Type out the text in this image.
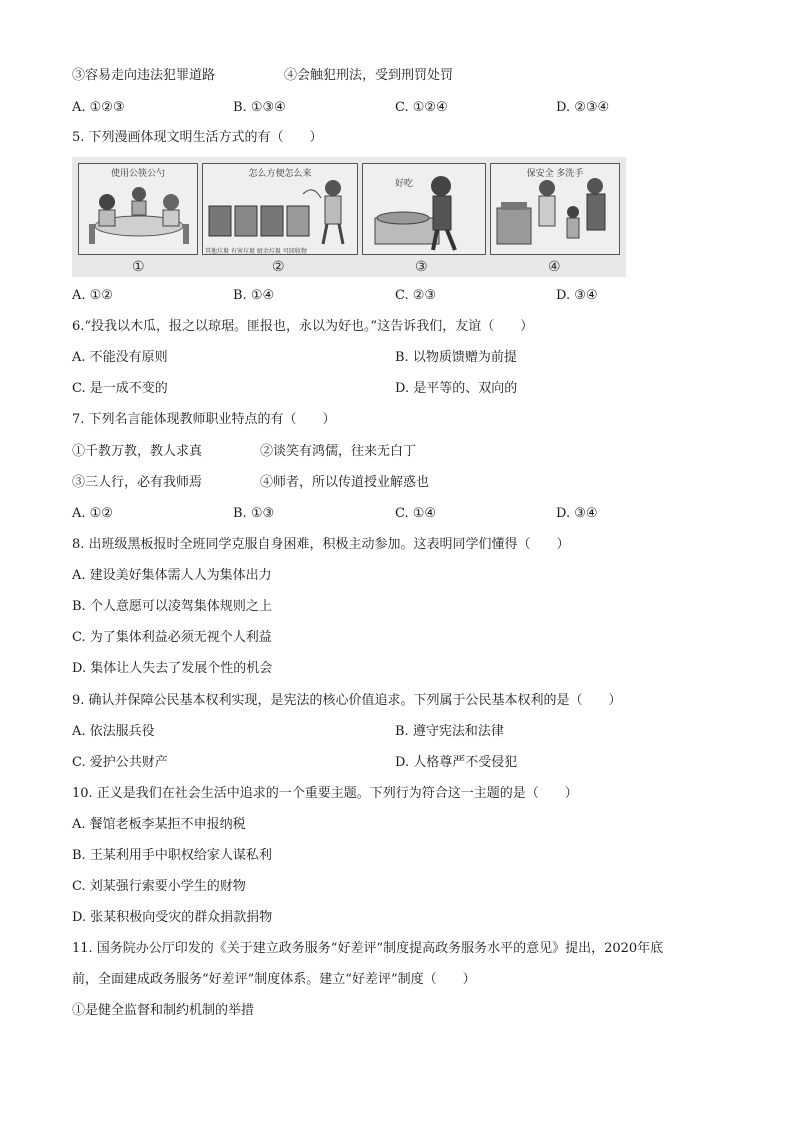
③容易走向违法犯罪道路	④会触犯刑法，受到刑罚处罚
A. ①②③	B. ①③④	C. ①②④	D. ②③④
5. 下列漫画体现文明生活方式的有（　　）
使用公筷公勺	怎么方便怎么来
其他垃圾 有害垃圾 厨余垃圾 可回收物
好吃
保安全 多洗手
①	②	③	④
A. ①②	B. ①④	C. ②③	D. ③④
6.“投我以木瓜，报之以琼琚。匪报也，永以为好也。”这告诉我们，友谊（　　）
A. 不能没有原则	B. 以物质馈赠为前提
C. 是一成不变的	D. 是平等的、双向的
7. 下列名言能体现教师职业特点的有（　　）
①千教万教，教人求真	②谈笑有鸿儒，往来无白丁
③三人行，必有我师焉	④师者，所以传道授业解惑也
A. ①②	B. ①③	C. ①④	D. ③④
8. 出班级黑板报时全班同学克服自身困难，积极主动参加。这表明同学们懂得（　　）
A. 建设美好集体需人人为集体出力
B. 个人意愿可以凌驾集体规则之上
C. 为了集体利益必须无视个人利益
D. 集体让人失去了发展个性的机会
9. 确认并保障公民基本权利实现，是宪法的核心价值追求。下列属于公民基本权利的是（　　）
A. 依法服兵役	B. 遵守宪法和法律
C. 爱护公共财产	D. 人格尊严不受侵犯
10. 正义是我们在社会生活中追求的一个重要主题。下列行为符合这一主题的是（　　）
A. 餐馆老板李某拒不申报纳税
B. 王某利用手中职权给家人谋私利
C. 刘某强行索要小学生的财物
D. 张某积极向受灾的群众捐款捐物
11. 国务院办公厅印发的《关于建立政务服务“好差评”制度提高政务服务水平的意见》提出，2020年底
前，全面建成政务服务“好差评”制度体系。建立“好差评”制度（　　）
①是健全监督和制约机制的举措
